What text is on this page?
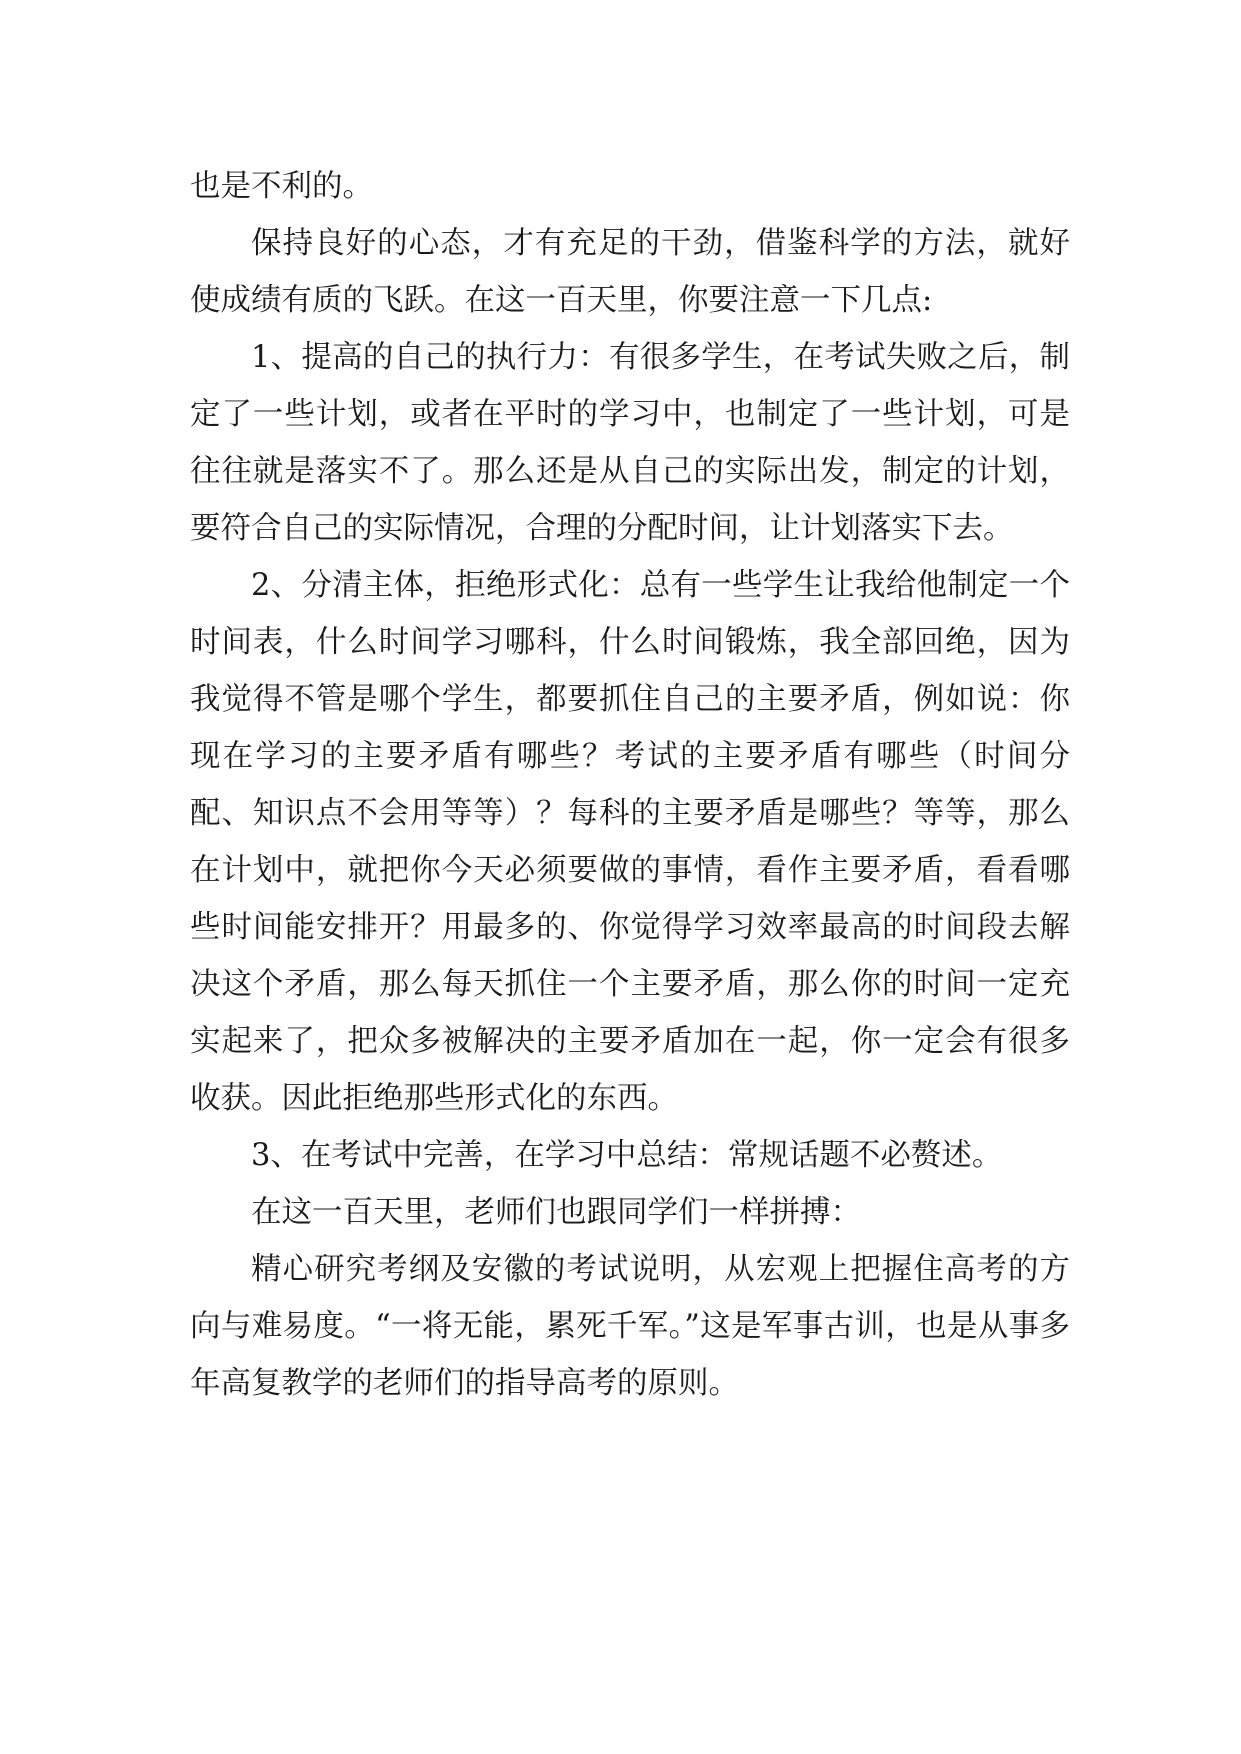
也是不利的。

保持良好的心态，才有充足的干劲，借鉴科学的方法，就好使成绩有质的飞跃。在这一百天里，你要注意一下几点:

1、提高的自己的执行力：有很多学生，在考试失败之后，制定了一些计划，或者在平时的学习中，也制定了一些计划，可是往往就是落实不了。那么还是从自己的实际出发，制定的计划，要符合自己的实际情况，合理的分配时间，让计划落实下去。

2、分清主体，拒绝形式化：总有一些学生让我给他制定一个时间表，什么时间学习哪科，什么时间锻炼，我全部回绝，因为我觉得不管是哪个学生，都要抓住自己的主要矛盾，例如说：你现在学习的主要矛盾有哪些？考试的主要矛盾有哪些（时间分配、知识点不会用等等）？每科的主要矛盾是哪些？等等，那么在计划中，就把你今天必须要做的事情，看作主要矛盾，看看哪些时间能安排开？用最多的、你觉得学习效率最高的时间段去解决这个矛盾，那么每天抓住一个主要矛盾，那么你的时间一定充实起来了，把众多被解决的主要矛盾加在一起，你一定会有很多收获。因此拒绝那些形式化的东西。

3、在考试中完善，在学习中总结：常规话题不必赘述。

在这一百天里，老师们也跟同学们一样拼搏：

精心研究考纲及安徽的考试说明，从宏观上把握住高考的方向与难易度。“一将无能，累死千军。”这是军事古训，也是从事多年高复教学的老师们的指导高考的原则。
